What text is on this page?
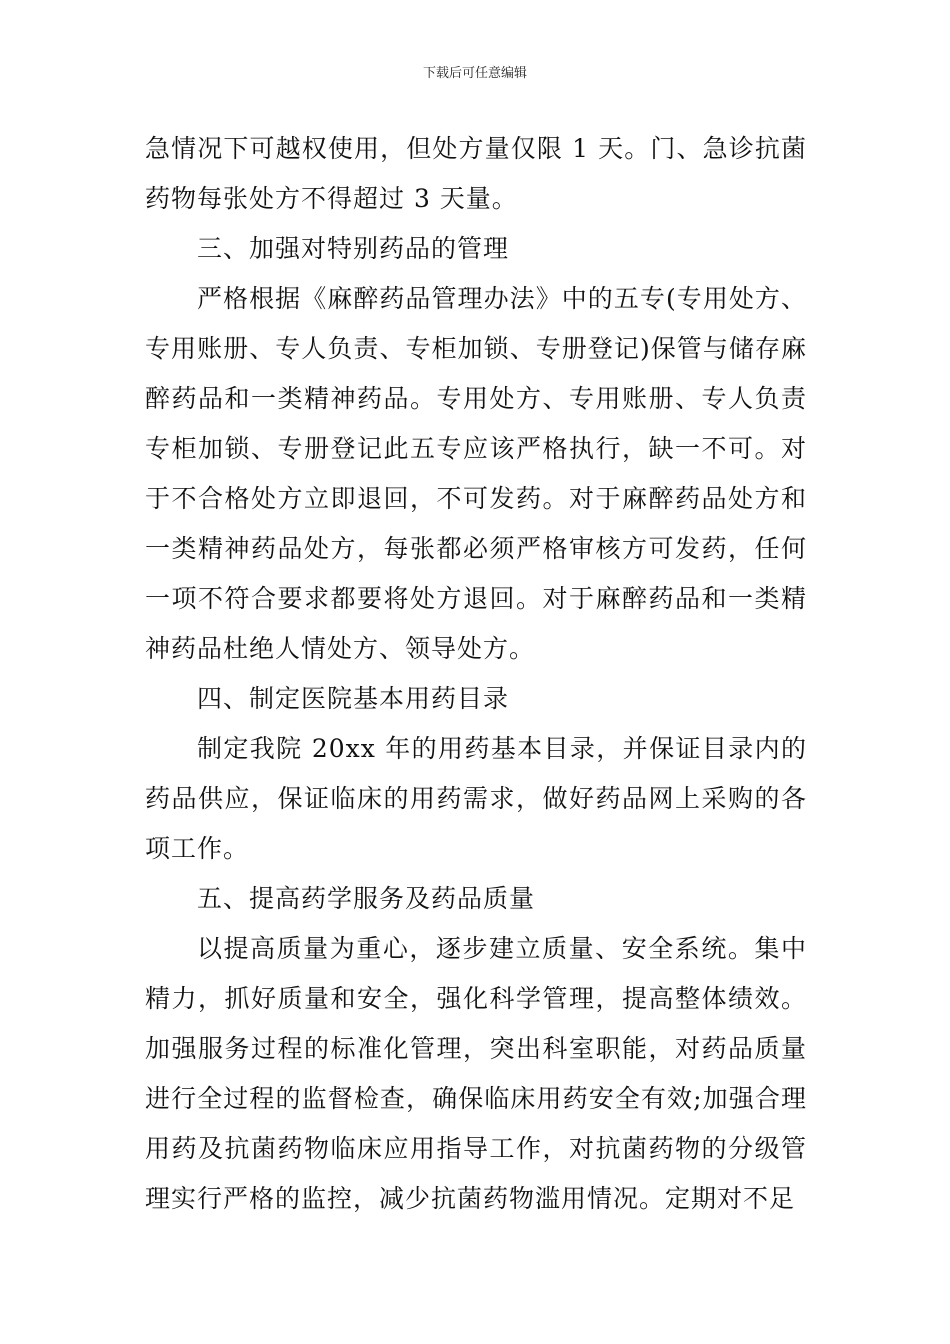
下载后可任意编辑

急情况下可越权使用，但处方量仅限 1 天。门、急诊抗菌药物每张处方不得超过 3 天量。

三、加强对特别药品的管理

严格根据《麻醉药品管理办法》中的五专(专用处方、专用账册、专人负责、专柜加锁、专册登记)保管与储存麻醉药品和一类精神药品。专用处方、专用账册、专人负责专柜加锁、专册登记此五专应该严格执行，缺一不可。对于不合格处方立即退回，不可发药。对于麻醉药品处方和一类精神药品处方，每张都必须严格审核方可发药，任何一项不符合要求都要将处方退回。对于麻醉药品和一类精神药品杜绝人情处方、领导处方。

四、制定医院基本用药目录

制定我院 20xx 年的用药基本目录，并保证目录内的药品供应，保证临床的用药需求，做好药品网上采购的各项工作。

五、提高药学服务及药品质量

以提高质量为重心，逐步建立质量、安全系统。集中精力，抓好质量和安全，强化科学管理，提高整体绩效。加强服务过程的标准化管理，突出科室职能，对药品质量进行全过程的监督检查，确保临床用药安全有效;加强合理用药及抗菌药物临床应用指导工作，对抗菌药物的分级管理实行严格的监控，减少抗菌药物滥用情况。定期对不足
